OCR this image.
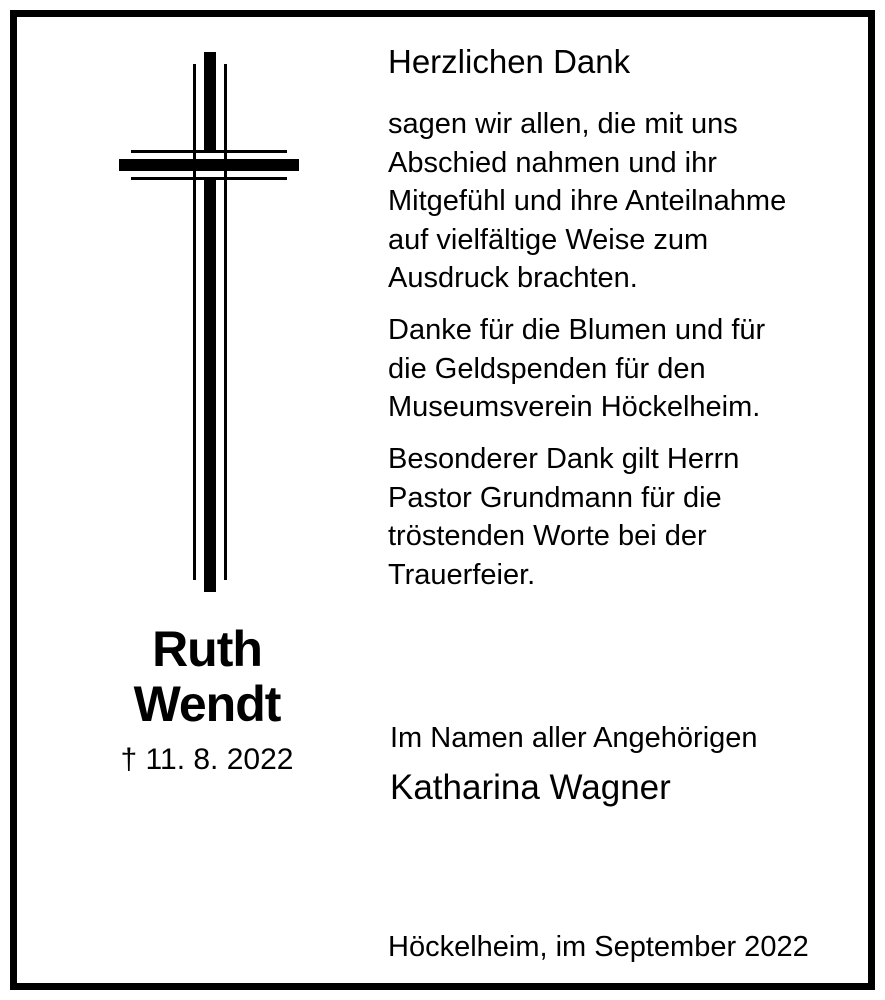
Ruth
Wendt
† 11. 8. 2022
Herzlichen Dank
sagen wir allen, die mit uns
Abschied nahmen und ihr
Mitgefühl und ihre Anteilnahme
auf vielfältige Weise zum
Ausdruck brachten.
Danke für die Blumen und für
die Geldspenden für den
Museumsverein Höckelheim.
Besonderer Dank gilt Herrn
Pastor Grundmann für die
tröstenden Worte bei der
Trauerfeier.
Im Namen aller Angehörigen
Katharina Wagner
Höckelheim, im September 2022
